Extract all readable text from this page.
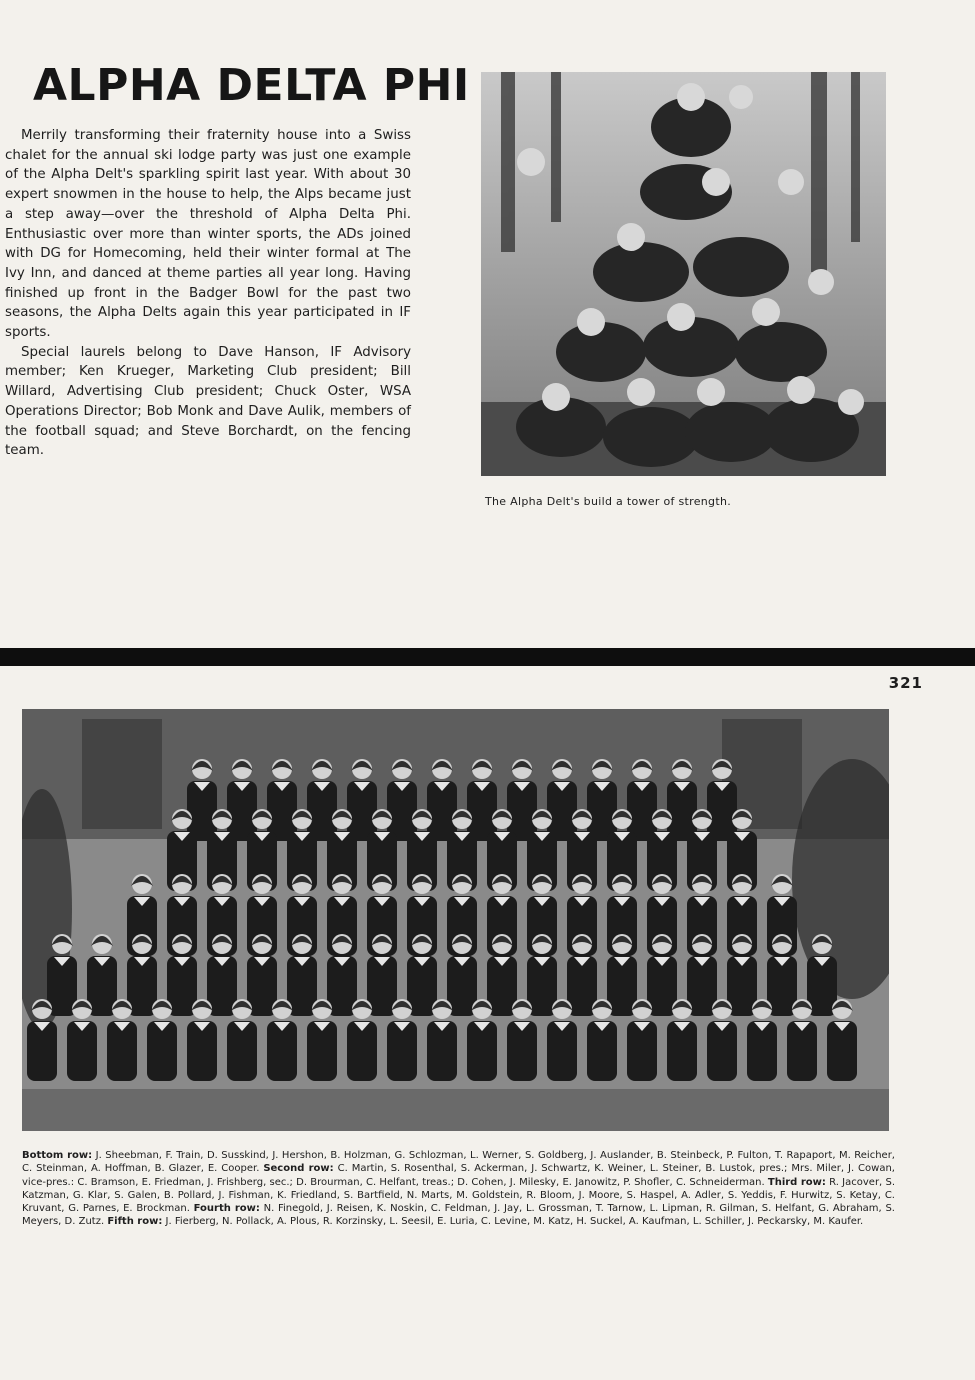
ALPHA DELTA PHI

Merrily transforming their fraternity house into a Swiss chalet for the annual ski lodge party was just one example of the Alpha Delt's sparkling spirit last year. With about 30 expert snowmen in the house to help, the Alps became just a step away—over the threshold of Alpha Delta Phi. Enthusiastic over more than winter sports, the ADs joined with DG for Homecoming, held their winter formal at The Ivy Inn, and danced at theme parties all year long. Having finished up front in the Badger Bowl for the past two seasons, the Alpha Delts again this year participated in IF sports.

Special laurels belong to Dave Hanson, IF Advisory member; Ken Krueger, Marketing Club president; Bill Willard, Advertising Club president; Chuck Oster, WSA Operations Director; Bob Monk and Dave Aulik, members of the football squad; and Steve Borchardt, on the fencing team.

The Alpha Delt's build a tower of strength.
321
Bottom row: J. Sheebman, F. Train, D. Susskind, J. Hershon, B. Holzman, G. Schlozman, L. Werner, S. Goldberg, J. Auslander, B. Steinbeck, P. Fulton, T. Rapaport, M. Reicher, C. Steinman, A. Hoffman, B. Glazer, E. Cooper. Second row: C. Martin, S. Rosenthal, S. Ackerman, J. Schwartz, K. Weiner, L. Steiner, B. Lustok, pres.; Mrs. Miler, J. Cowan, vice-pres.: C. Bramson, E. Friedman, J. Frishberg, sec.; D. Brourman, C. Helfant, treas.; D. Cohen, J. Milesky, E. Janowitz, P. Shofler, C. Schneiderman. Third row: R. Jacover, S. Katzman, G. Klar, S. Galen, B. Pollard, J. Fishman, K. Friedland, S. Bartfield, N. Marts, M. Goldstein, R. Bloom, J. Moore, S. Haspel, A. Adler, S. Yeddis, F. Hurwitz, S. Ketay, C. Kruvant, G. Parnes, E. Brockman. Fourth row: N. Finegold, J. Reisen, K. Noskin, C. Feldman, J. Jay, L. Grossman, T. Tarnow, L. Lipman, R. Gilman, S. Helfant, G. Abraham, S. Meyers, D. Zutz. Fifth row: J. Fierberg, N. Pollack, A. Plous, R. Korzinsky, L. Seesil, E. Luria, C. Levine, M. Katz, H. Suckel, A. Kaufman, L. Schiller, J. Peckarsky, M. Kaufer.
